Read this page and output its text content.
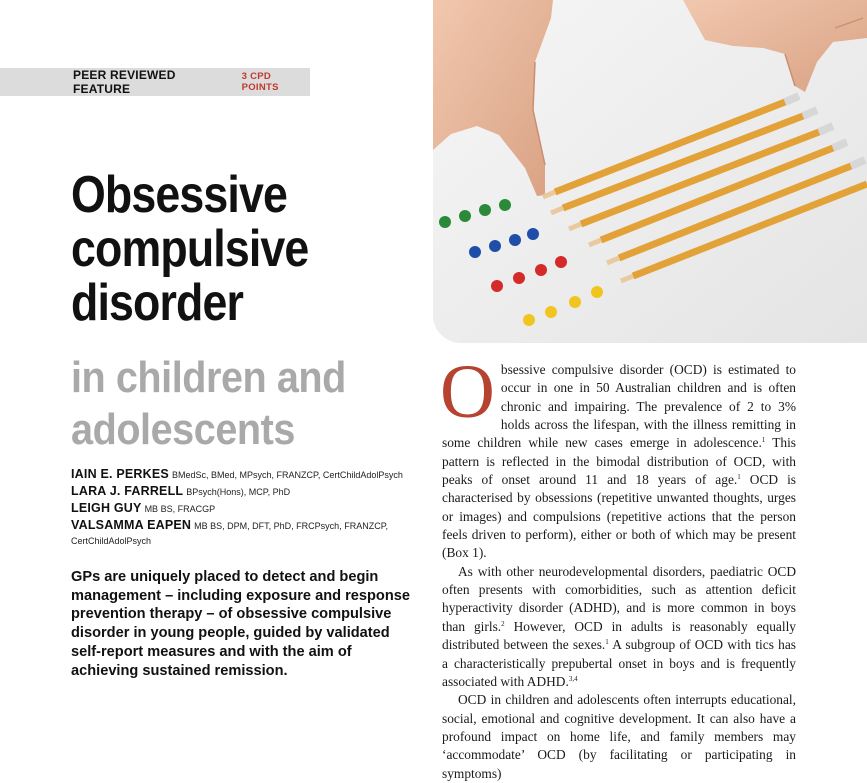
PEER REVIEWED FEATURE
3 CPD POINTS
Obsessive
compulsive
disorder
in children and
adolescents
IAIN E. PERKES BMedSc, BMed, MPsych, FRANZCP, CertChildAdolPsych
LARA J. FARRELL BPsych(Hons), MCP, PhD
LEIGH GUY MB BS, FRACGP
VALSAMMA EAPEN MB BS, DPM, DFT, PhD, FRCPsych, FRANZCP,
CertChildAdolPsych

GPs are uniquely placed to detect and begin management – including exposure and response prevention therapy – of obsessive compulsive disorder in young people, guided by validated self-report measures and with the aim of achieving sustained remission.

Obsessive compulsive disorder (OCD) is estimated to occur in one in 50 Australian children and is often chronic and impairing. The prevalence of 2 to 3% holds across the lifespan, with the illness remitting in some children while new cases emerge in adolescence.$^1$ This pattern is reflected in the bimodal distribution of OCD, with peaks of onset around 11 and 18 years of age.$^1$ OCD is characterised by obsessions (repetitive unwanted thoughts, urges or images) and compulsions (repetitive actions that the person feels driven to perform), either or both of which may be present (Box 1).

As with other neurodevelopmental disorders, paediatric OCD often presents with comorbidities, such as attention deficit hyperactivity disorder (ADHD), and is more common in boys than girls.$^2$ However, OCD in adults is reasonably equally distributed between the sexes.$^1$ A subgroup of OCD with tics has a characteristically prepubertal onset in boys and is frequently associated with ADHD.$^{3,4}$

OCD in children and adolescents often interrupts educational, social, emotional and cognitive development. It can also have a profound impact on home life, and family members may ‘accommodate’ OCD (by facilitating or participating in symptoms)
